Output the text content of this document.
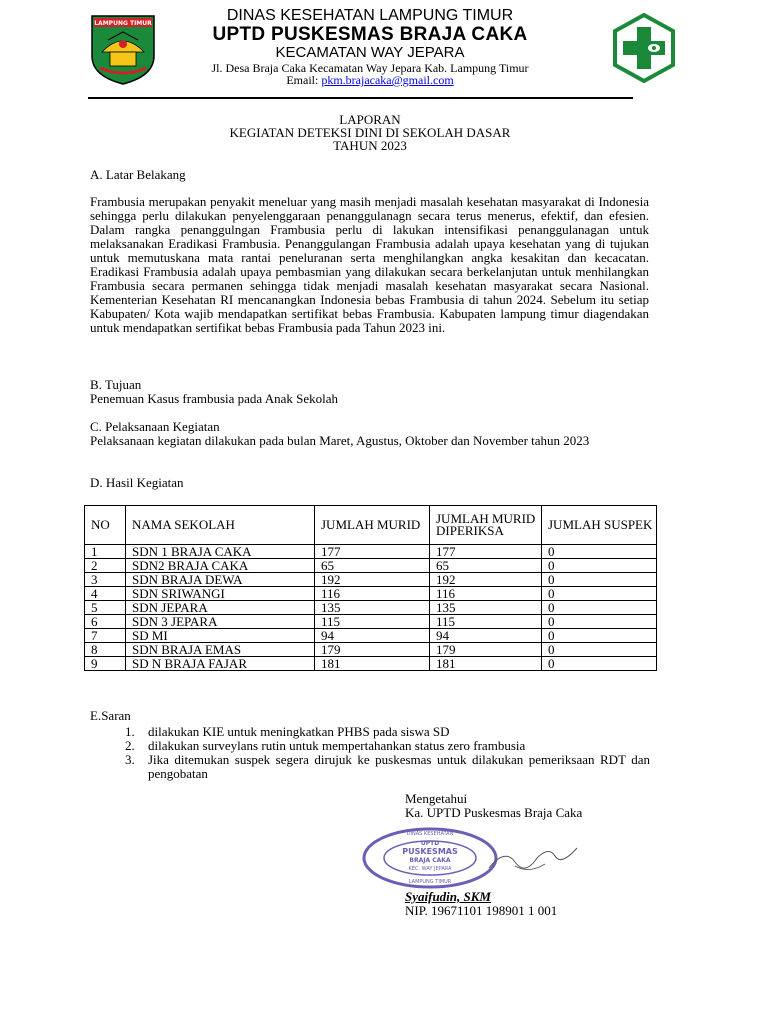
LAMPUNG TIMUR	DINAS KESEHATAN LAMPUNG TIMUR
UPTD PUSKESMAS BRAJA CAKA
KECAMATAN WAY JEPARA
Jl. Desa Braja Caka Kecamatan Way Jepara Kab. Lampung Timur
Email: pkm.brajacaka@gmail.com
LAPORAN
KEGIATAN DETEKSI DINI DI SEKOLAH DASAR
TAHUN 2023
A. Latar Belakang
Frambusia merupakan penyakit meneluar yang masih menjadi masalah kesehatan masyarakat di Indonesia sehingga perlu dilakukan penyelenggaraan penanggulanagn secara terus menerus, efektif, dan efesien. Dalam rangka penanggulngan Frambusia perlu di lakukan intensifikasi penanggulanagan untuk melaksanakan Eradikasi Frambusia. Penanggulangan Frambusia adalah upaya kesehatan yang di tujukan untuk memutuskana mata rantai peneluranan serta menghilangkan angka kesakitan dan kecacatan. Eradikasi Frambusia adalah upaya pembasmian yang dilakukan secara berkelanjutan untuk menhilangkan Frambusia secara permanen sehingga tidak menjadi masalah kesehatan masyarakat secara Nasional. Kementerian Kesehatan RI mencanangkan Indonesia bebas Frambusia di tahun 2024. Sebelum itu setiap Kabupaten/ Kota wajib mendapatkan sertifikat bebas Frambusia. Kabupaten lampung timur diagendakan untuk mendapatkan sertifikat bebas Frambusia pada Tahun 2023 ini.
B. Tujuan
Penemuan Kasus frambusia pada Anak Sekolah
C. Pelaksanaan Kegiatan
Pelaksanaan kegiatan dilakukan pada bulan Maret, Agustus, Oktober dan November tahun 2023
D. Hasil Kegiatan
NO	NAMA SEKOLAH	JUMLAH MURID	JUMLAH MURID DIPERIKSA	JUMLAH SUSPEK
1	SDN 1 BRAJA CAKA	177	177	0
2	SDN2 BRAJA CAKA	65	65	0
3	SDN BRAJA DEWA	192	192	0
4	SDN SRIWANGI	116	116	0
5	SDN JEPARA	135	135	0
6	SDN 3 JEPARA	115	115	0
7	SD MI	94	94	0
8	SDN BRAJA EMAS	179	179	0
9	SD N BRAJA FAJAR	181	181	0
E.Saran
1. dilakukan KIE untuk meningkatkan PHBS pada siswa SD
2. dilakukan surveylans rutin untuk mempertahankan status zero frambusia
3. Jika ditemukan suspek segera dirujuk ke puskesmas untuk dilakukan pemeriksaan RDT dan pengobatan
Mengetahui
Ka. UPTD Puskesmas Braja Caka
UPTD
PUSKESMAS
BRAJA CAKA
KEC. WAY JEPARA
LAMPUNG TIMUR
DINAS KESEHATAN
Syaifudin, SKM
NIP. 19671101 198901 1 001
